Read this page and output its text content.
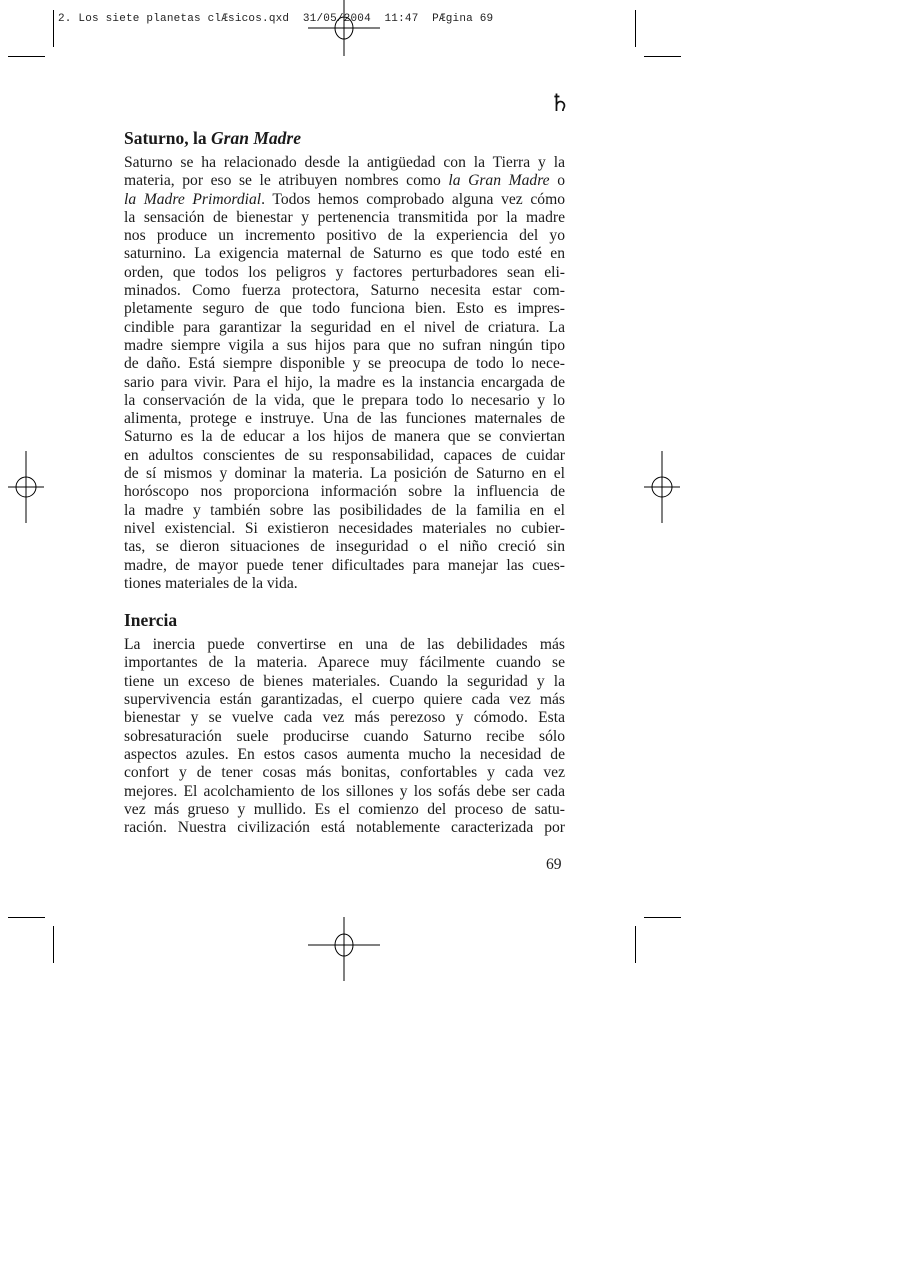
2. Los siete planetas clÆsicos.qxd 31/05/2004 11:47 PÆgina 69
♄
Saturno, la Gran Madre
Saturno se ha relacionado desde la antigüedad con la Tierra y la
materia, por eso se le atribuyen nombres como la Gran Madre o
la Madre Primordial. Todos hemos comprobado alguna vez cómo
la sensación de bienestar y pertenencia transmitida por la madre
nos produce un incremento positivo de la experiencia del yo
saturnino. La exigencia maternal de Saturno es que todo esté en
orden, que todos los peligros y factores perturbadores sean eli-
minados. Como fuerza protectora, Saturno necesita estar com-
pletamente seguro de que todo funciona bien. Esto es impres-
cindible para garantizar la seguridad en el nivel de criatura. La
madre siempre vigila a sus hijos para que no sufran ningún tipo
de daño. Está siempre disponible y se preocupa de todo lo nece-
sario para vivir. Para el hijo, la madre es la instancia encargada de
la conservación de la vida, que le prepara todo lo necesario y lo
alimenta, protege e instruye. Una de las funciones maternales de
Saturno es la de educar a los hijos de manera que se conviertan
en adultos conscientes de su responsabilidad, capaces de cuidar
de sí mismos y dominar la materia. La posición de Saturno en el
horóscopo nos proporciona información sobre la influencia de
la madre y también sobre las posibilidades de la familia en el
nivel existencial. Si existieron necesidades materiales no cubier-
tas, se dieron situaciones de inseguridad o el niño creció sin
madre, de mayor puede tener dificultades para manejar las cues-
tiones materiales de la vida.
Inercia
La inercia puede convertirse en una de las debilidades más
importantes de la materia. Aparece muy fácilmente cuando se
tiene un exceso de bienes materiales. Cuando la seguridad y la
supervivencia están garantizadas, el cuerpo quiere cada vez más
bienestar y se vuelve cada vez más perezoso y cómodo. Esta
sobresaturación suele producirse cuando Saturno recibe sólo
aspectos azules. En estos casos aumenta mucho la necesidad de
confort y de tener cosas más bonitas, confortables y cada vez
mejores. El acolchamiento de los sillones y los sofás debe ser cada
vez más grueso y mullido. Es el comienzo del proceso de satu-
ración. Nuestra civilización está notablemente caracterizada por
69
